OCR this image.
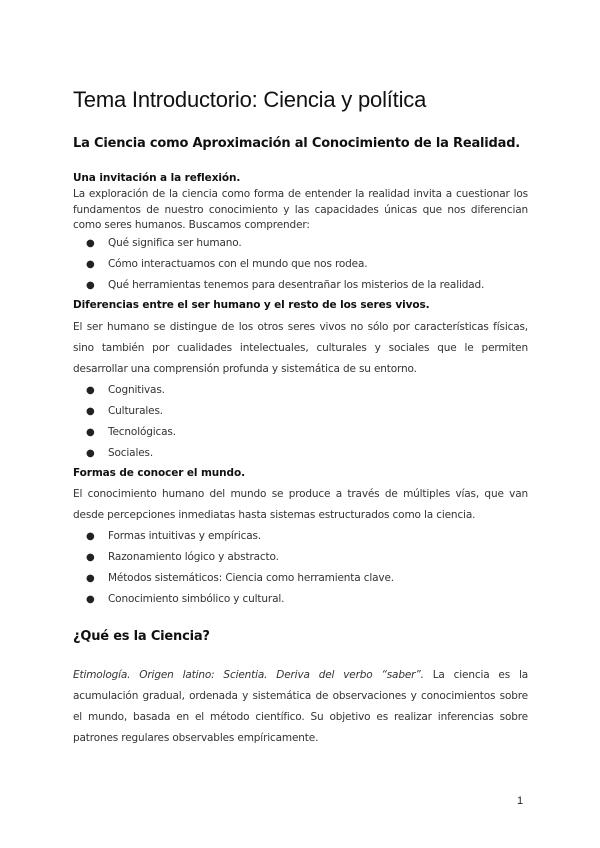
Tema Introductorio: Ciencia y política
La Ciencia como Aproximación al Conocimiento de la Realidad.
Una invitación a la reflexión.

La exploración de la ciencia como forma de entender la realidad invita a cuestionar los fundamentos de nuestro conocimiento y las capacidades únicas que nos diferencian como seres humanos. Buscamos comprender:

● Qué significa ser humano.
● Cómo interactuamos con el mundo que nos rodea.
● Qué herramientas tenemos para desentrañar los misterios de la realidad.
Diferencias entre el ser humano y el resto de los seres vivos.

El ser humano se distingue de los otros seres vivos no sólo por características físicas, sino también por cualidades intelectuales, culturales y sociales que le permiten desarrollar una comprensión profunda y sistemática de su entorno.

● Cognitivas.
● Culturales.
● Tecnológicas.
● Sociales.
Formas de conocer el mundo.

El conocimiento humano del mundo se produce a través de múltiples vías, que van desde percepciones inmediatas hasta sistemas estructurados como la ciencia.

● Formas intuitivas y empíricas.
● Razonamiento lógico y abstracto.
● Métodos sistemáticos: Ciencia como herramienta clave.
● Conocimiento simbólico y cultural.
¿Qué es la Ciencia?

Etimología. Origen latino: Scientia. Deriva del verbo “saber”. La ciencia es la acumulación gradual, ordenada y sistemática de observaciones y conocimientos sobre el mundo, basada en el método científico. Su objetivo es realizar inferencias sobre patrones regulares observables empíricamente.

1
